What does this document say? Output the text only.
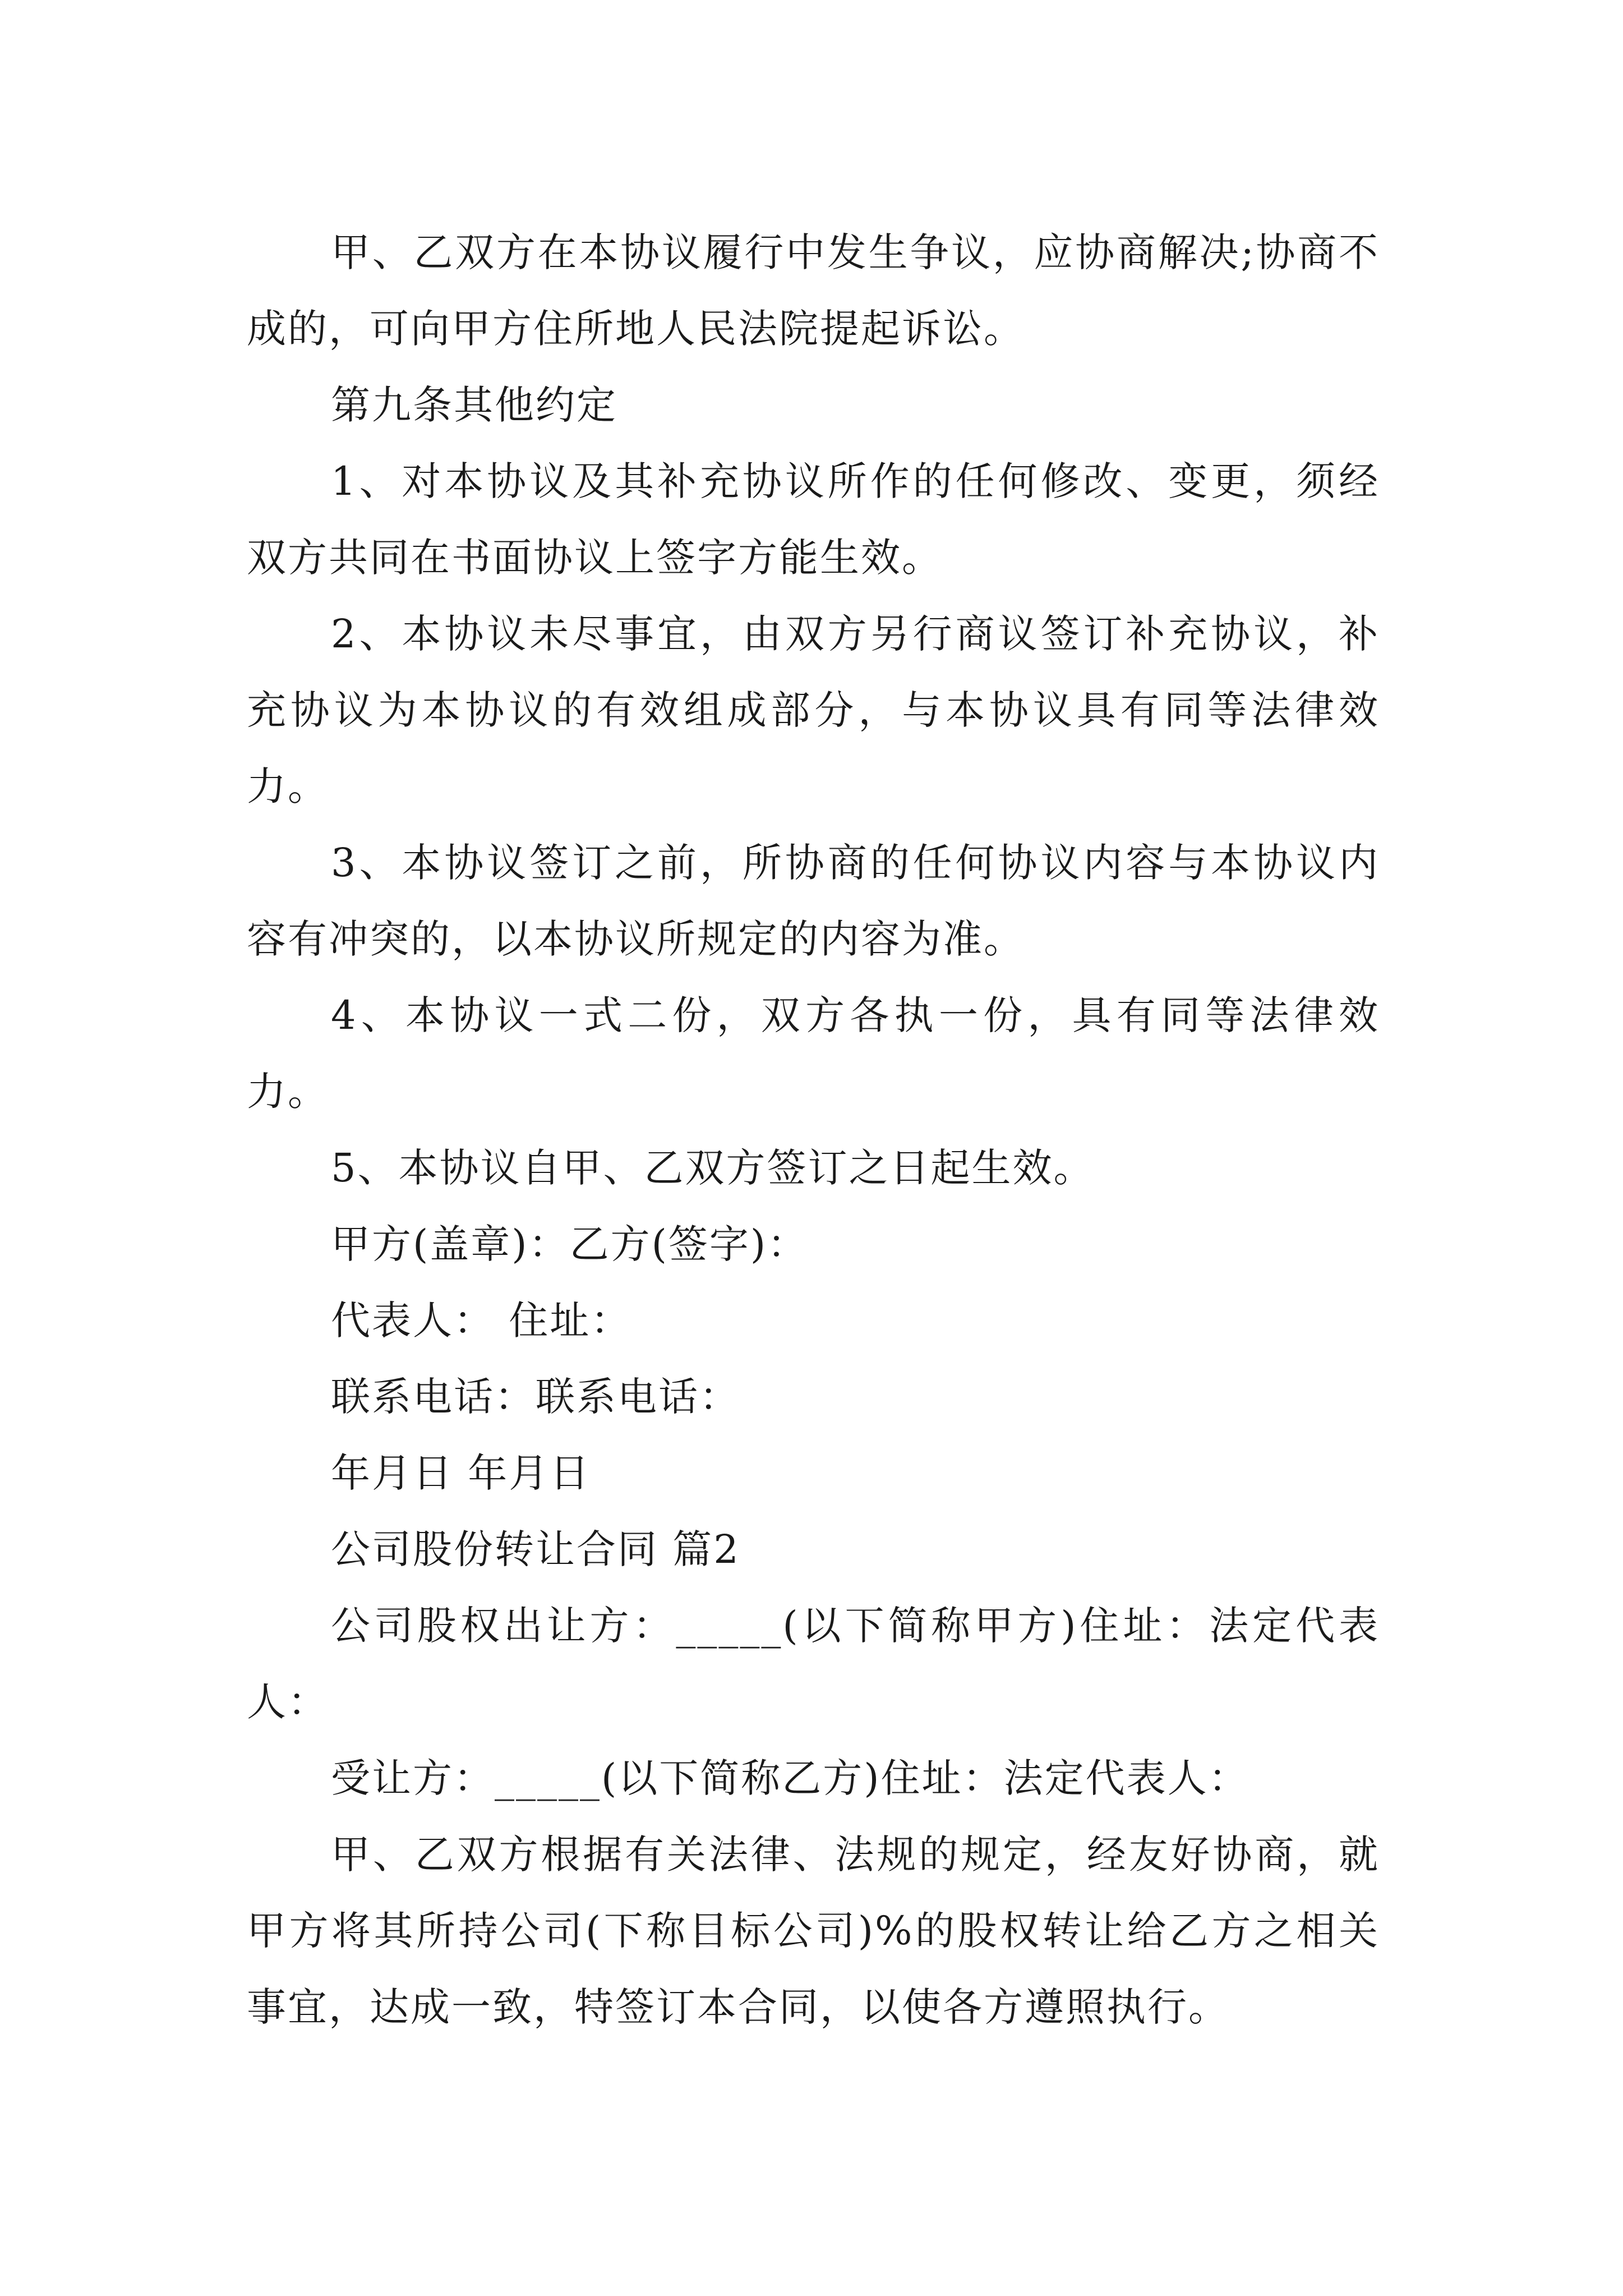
甲、乙双方在本协议履行中发生争议，应协商解决;协商不成的，可向甲方住所地人民法院提起诉讼。

第九条其他约定

1、对本协议及其补充协议所作的任何修改、变更，须经双方共同在书面协议上签字方能生效。

2、本协议未尽事宜，由双方另行商议签订补充协议，补充协议为本协议的有效组成部分，与本协议具有同等法律效力。

3、本协议签订之前，所协商的任何协议内容与本协议内容有冲突的，以本协议所规定的内容为准。

4、本协议一式二份，双方各执一份，具有同等法律效力。

5、本协议自甲、乙双方签订之日起生效。

甲方(盖章)：乙方(签字)：

代表人： 住址：

联系电话：联系电话：

年月日 年月日

公司股份转让合同 篇2

公司股权出让方：_____(以下简称甲方)住址：法定代表人：

受让方：_____(以下简称乙方)住址：法定代表人：

甲、乙双方根据有关法律、法规的规定，经友好协商，就甲方将其所持公司(下称目标公司)%的股权转让给乙方之相关事宜，达成一致，特签订本合同，以使各方遵照执行。
